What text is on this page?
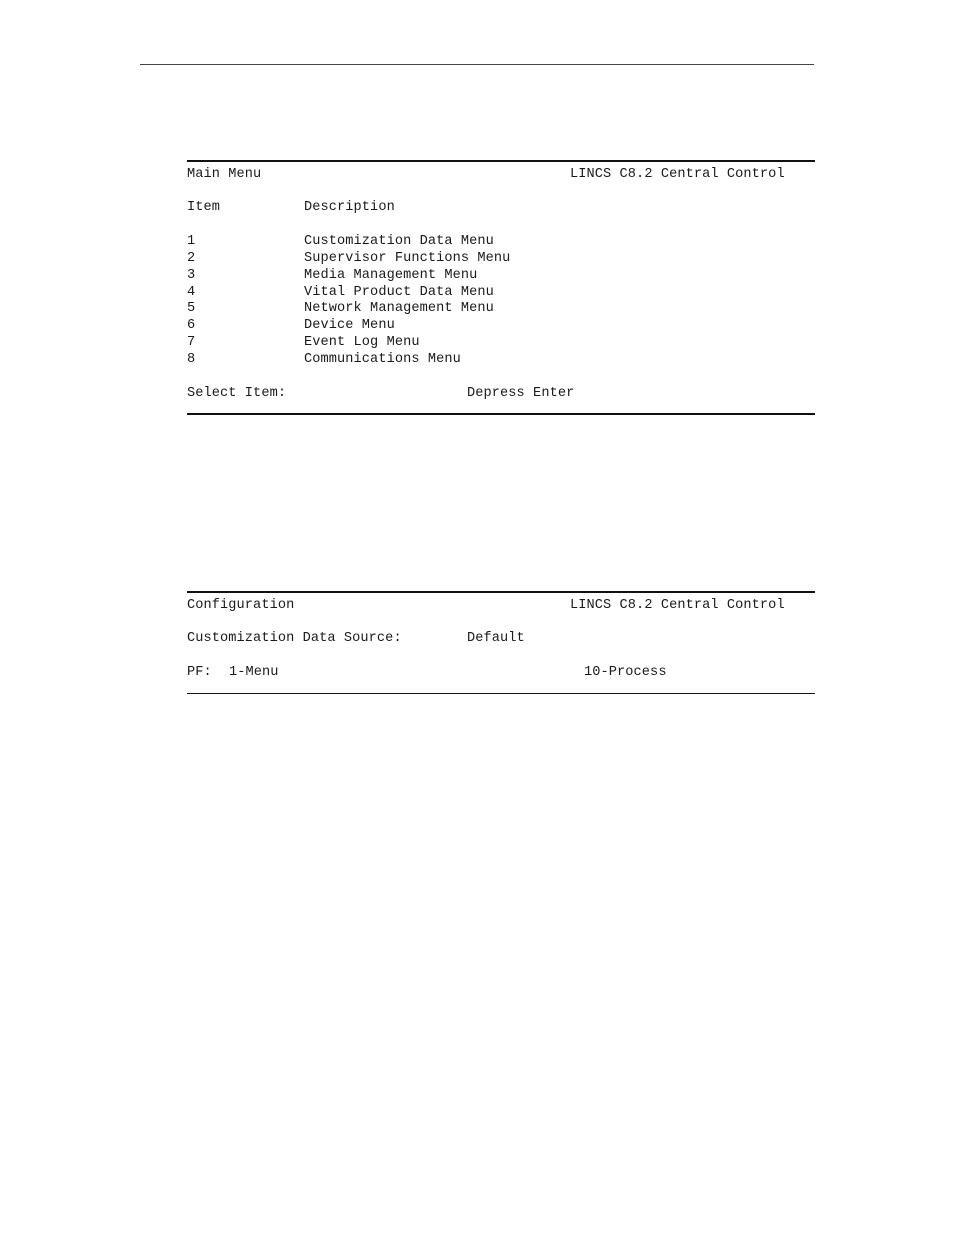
Main Menu	LINCS C8.2 Central Control
Item	Description
1	Customization Data Menu
2	Supervisor Functions Menu
3	Media Management Menu
4	Vital Product Data Menu
5	Network Management Menu
6	Device Menu
7	Event Log Menu
8	Communications Menu
Select Item:	Depress Enter
Configuration	LINCS C8.2 Central Control
Customization Data Source:	Default
PF: 1-Menu	10-Process
